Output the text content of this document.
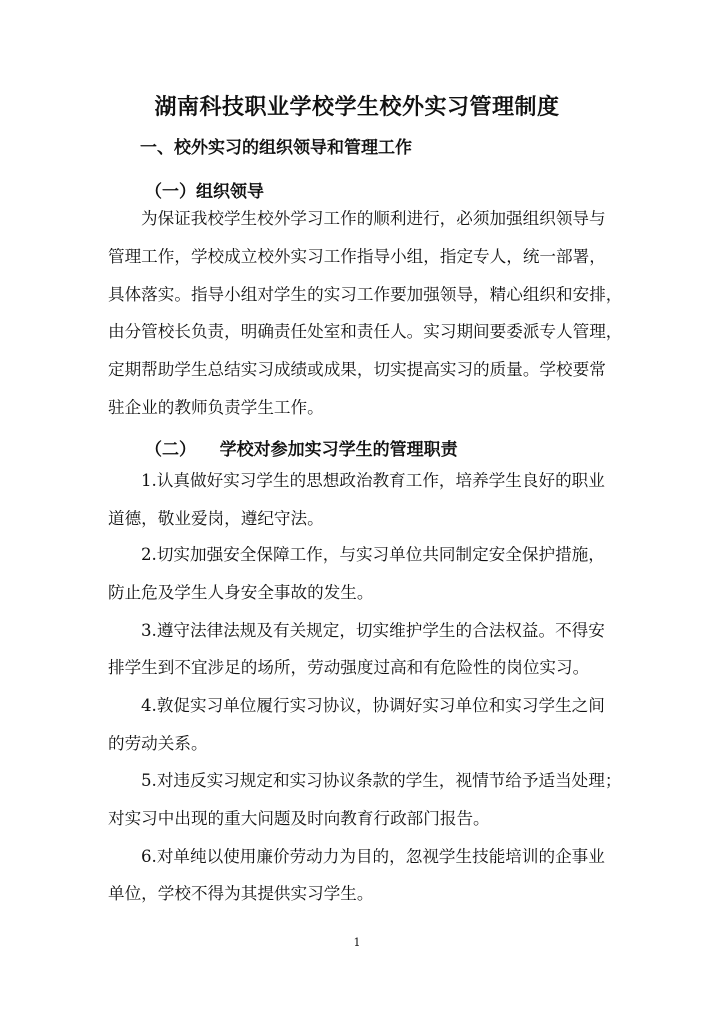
湖南科技职业学校学生校外实习管理制度
一、校外实习的组织领导和管理工作
（一）组织领导
为保证我校学生校外学习工作的顺利进行，必须加强组织领导与
管理工作，学校成立校外实习工作指导小组，指定专人，统一部署，
具体落实。指导小组对学生的实习工作要加强领导，精心组织和安排，
由分管校长负责，明确责任处室和责任人。实习期间要委派专人管理，
定期帮助学生总结实习成绩或成果，切实提高实习的质量。学校要常
驻企业的教师负责学生工作。
（二）    学校对参加实习学生的管理职责
1.认真做好实习学生的思想政治教育工作，培养学生良好的职业
道德，敬业爱岗，遵纪守法。
2.切实加强安全保障工作，与实习单位共同制定安全保护措施，
防止危及学生人身安全事故的发生。
3.遵守法律法规及有关规定，切实维护学生的合法权益。不得安
排学生到不宜涉足的场所，劳动强度过高和有危险性的岗位实习。
4.敦促实习单位履行实习协议，协调好实习单位和实习学生之间
的劳动关系。
5.对违反实习规定和实习协议条款的学生，视情节给予适当处理；
对实习中出现的重大问题及时向教育行政部门报告。
6.对单纯以使用廉价劳动力为目的，忽视学生技能培训的企事业
单位，学校不得为其提供实习学生。
1
